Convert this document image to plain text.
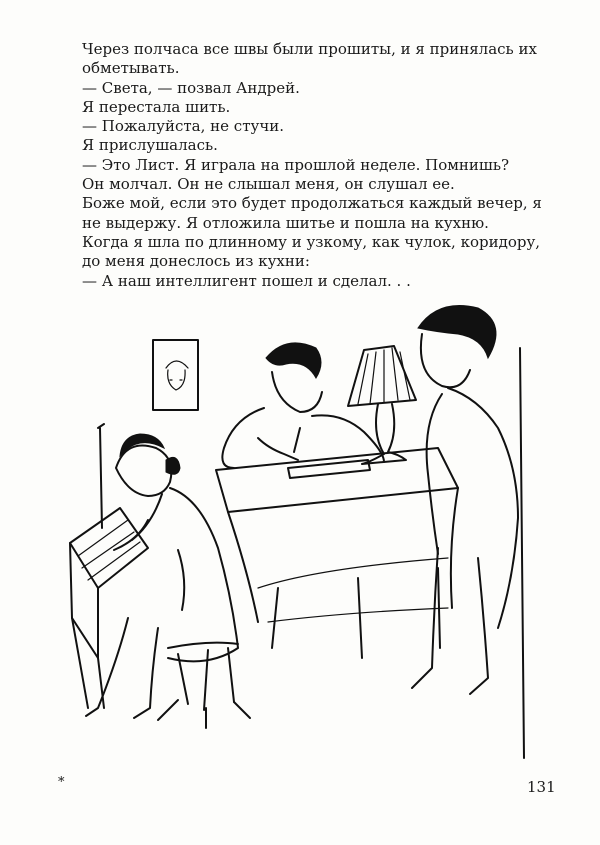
Через полчаса все швы были прошиты, и я принялась их
обметывать.
— Света, — позвал Андрей.
Я перестала шить.
— Пожалуйста, не стучи.
Я прислушалась.
— Это Лист. Я играла на прошлой неделе. Помнишь?
Он молчал. Он не слышал меня, он слушал ее.
Боже мой, если это будет продолжаться каждый вечер, я
не выдержу. Я отложила шитье и пошла на кухню.
Когда я шла по длинному и узкому, как чулок, коридору,
до меня донеслось из кухни:
— А наш интеллигент пошел и сделал. . .
*	131
